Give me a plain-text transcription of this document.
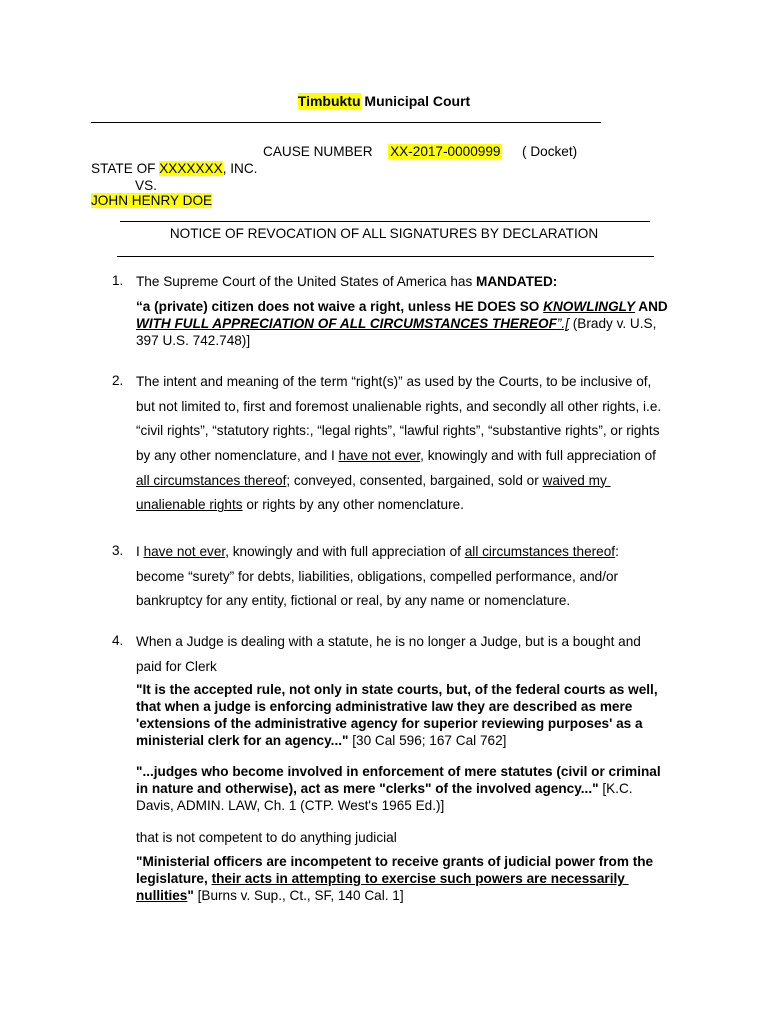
Timbuktu Municipal Court
CAUSE NUMBER XX-2017-0000999 ( Docket)
STATE OF XXXXXXX, INC.
VS.
JOHN HENRY DOE
NOTICE OF REVOCATION OF ALL SIGNATURES BY DECLARATION
1. The Supreme Court of the United States of America has MANDATED:
“a (private) citizen does not waive a right, unless HE DOES SO KNOWLINGLY AND
WITH FULL APPRECIATION OF ALL CIRCUMSTANCES THEREOF”.[ (Brady v. U.S,
397 U.S. 742.748)]
2. The intent and meaning of the term “right(s)” as used by the Courts, to be inclusive of,
but not limited to, first and foremost unalienable rights, and secondly all other rights, i.e.
“civil rights”, “statutory rights:, “legal rights”, “lawful rights”, “substantive rights”, or rights
by any other nomenclature, and I have not ever, knowingly and with full appreciation of
all circumstances thereof; conveyed, consented, bargained, sold or waived my
unalienable rights or rights by any other nomenclature.
3. I have not ever, knowingly and with full appreciation of all circumstances thereof:
become “surety” for debts, liabilities, obligations, compelled performance, and/or
bankruptcy for any entity, fictional or real, by any name or nomenclature.
4. When a Judge is dealing with a statute, he is no longer a Judge, but is a bought and
paid for Clerk
"It is the accepted rule, not only in state courts, but, of the federal courts as well,
that when a judge is enforcing administrative law they are described as mere
'extensions of the administrative agency for superior reviewing purposes' as a
ministerial clerk for an agency..." [30 Cal 596; 167 Cal 762]
"...judges who become involved in enforcement of mere statutes (civil or criminal
in nature and otherwise), act as mere "clerks" of the involved agency..." [K.C.
Davis, ADMIN. LAW, Ch. 1 (CTP. West's 1965 Ed.)]
that is not competent to do anything judicial
"Ministerial officers are incompetent to receive grants of judicial power from the
legislature, their acts in attempting to exercise such powers are necessarily
nullities" [Burns v. Sup., Ct., SF, 140 Cal. 1]
